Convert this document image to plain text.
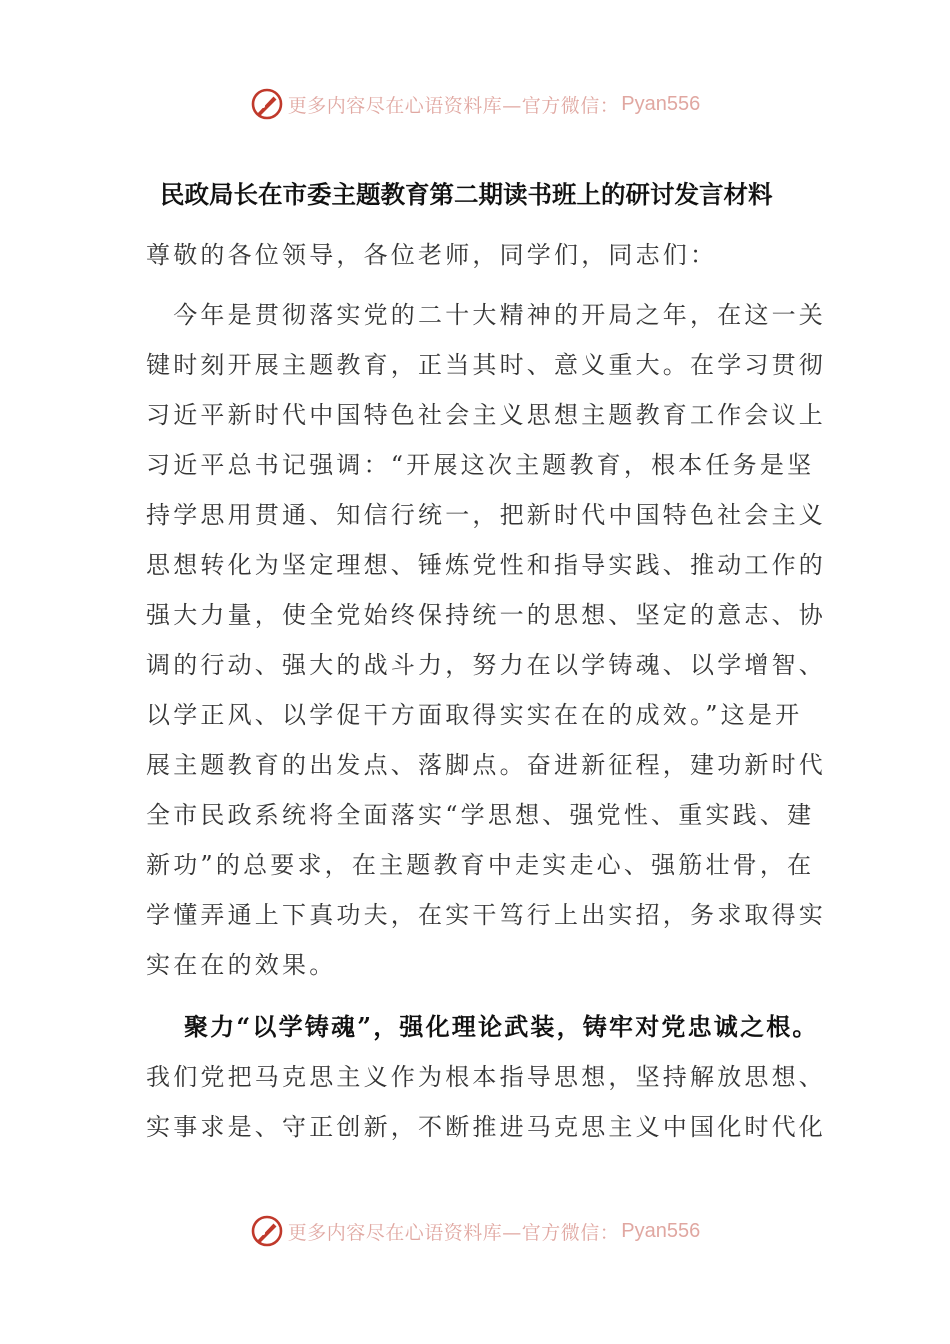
更多内容尽在心语资料库—官方微信： Pyan556
民政局长在市委主题教育第二期读书班上的研讨发言材料
尊敬的各位领导，各位老师，同学们，同志们：
　今年是贯彻落实党的二十大精神的开局之年，在这一关
键时刻开展主题教育，正当其时、意义重大。在学习贯彻
习近平新时代中国特色社会主义思想主题教育工作会议上
习近平总书记强调：“开展这次主题教育，根本任务是坚
持学思用贯通、知信行统一，把新时代中国特色社会主义
思想转化为坚定理想、锤炼党性和指导实践、推动工作的
强大力量，使全党始终保持统一的思想、坚定的意志、协
调的行动、强大的战斗力，努力在以学铸魂、以学增智、
以学正风、以学促干方面取得实实在在的成效。”这是开
展主题教育的出发点、落脚点。奋进新征程，建功新时代
全市民政系统将全面落实“学思想、强党性、重实践、建
新功”的总要求，在主题教育中走实走心、强筋壮骨，在
学懂弄通上下真功夫，在实干笃行上出实招，务求取得实
实在在的效果。
聚力“以学铸魂”，强化理论武装，铸牢对党忠诚之根。
我们党把马克思主义作为根本指导思想，坚持解放思想、
实事求是、守正创新，不断推进马克思主义中国化时代化
更多内容尽在心语资料库—官方微信： Pyan556
